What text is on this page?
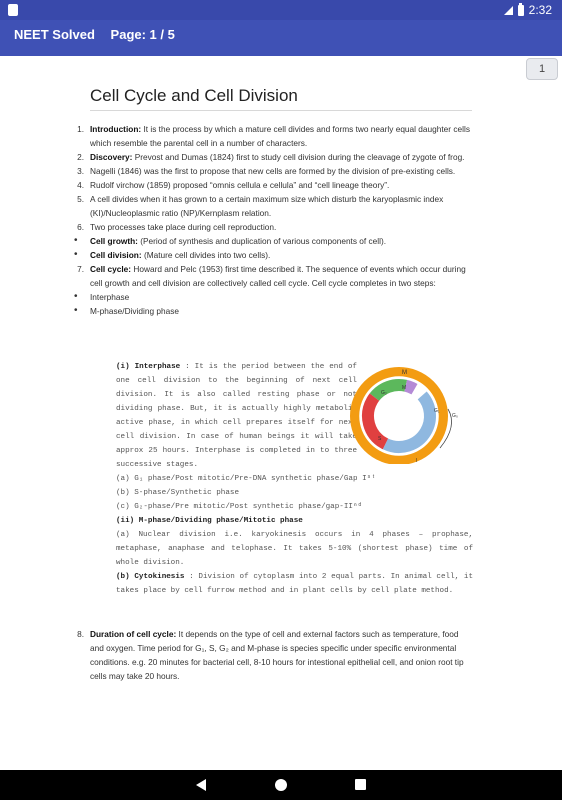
2:32
NEET Solved Page: 1 / 5
Cell Cycle and Cell Division
1. Introduction: It is the process by which a mature cell divides and forms two nearly equal daughter cells which resemble the parental cell in a number of characters.
2. Discovery: Prevost and Dumas (1824) first to study cell division during the cleavage of zygote of frog.
3. Nagelli (1846) was the first to propose that new cells are formed by the division of pre-existing cells.
4. Rudolf virchow (1859) proposed “omnis cellula e cellula” and “cell lineage theory”.
5. A cell divides when it has grown to a certain maximum size which disturb the karyoplasmic index (KI)/Nucleoplasmic ratio (NP)/Kernplasm relation.
6. Two processes take place during cell reproduction.
• Cell growth: (Period of synthesis and duplication of various components of cell).
• Cell division: (Mature cell divides into two cells).
7. Cell cycle: Howard and Pelc (1953) first time described it. The sequence of events which occur during cell growth and cell division are collectively called cell cycle. Cell cycle completes in two steps:
• Interphase
• M-phase/Dividing phase
(i) Interphase : It is the period between the end of one cell division to the beginning of next cell division. It is also called resting phase or not dividing phase. But, it is actually highly metabolic active phase, in which cell prepares itself for next cell division. In case of human beings it will take approx 25 hours. Interphase is completed in to three successive stages.
(a) G₁ phase/Post mitotic/Pre-DNA synthetic phase/Gap Iˢᵗ
(b) S-phase/Synthetic phase
(c) G₂-phase/Pre mitotic/Post synthetic phase/gap-IIⁿᵈ
(ii) M-phase/Dividing phase/Mitotic phase
(a) Nuclear division i.e. karyokinesis occurs in 4 phases – prophase, metaphase, anaphase and telophase. It takes 5-10% (shortest phase) time of whole division.
(b) Cytokinesis : Division of cytoplasm into 2 equal parts. In animal cell, it takes place by cell furrow method and in plant cells by cell plate method.
M
M
G₂
G₁
G₀
S
I
8. Duration of cell cycle: It depends on the type of cell and external factors such as temperature, food and oxygen. Time period for G₁, S, G₂ and M-phase is species specific under specific environmental conditions. e.g. 20 minutes for bacterial cell, 8-10 hours for intestional epithelial cell, and onion root tip cells may take 20 hours.
1
